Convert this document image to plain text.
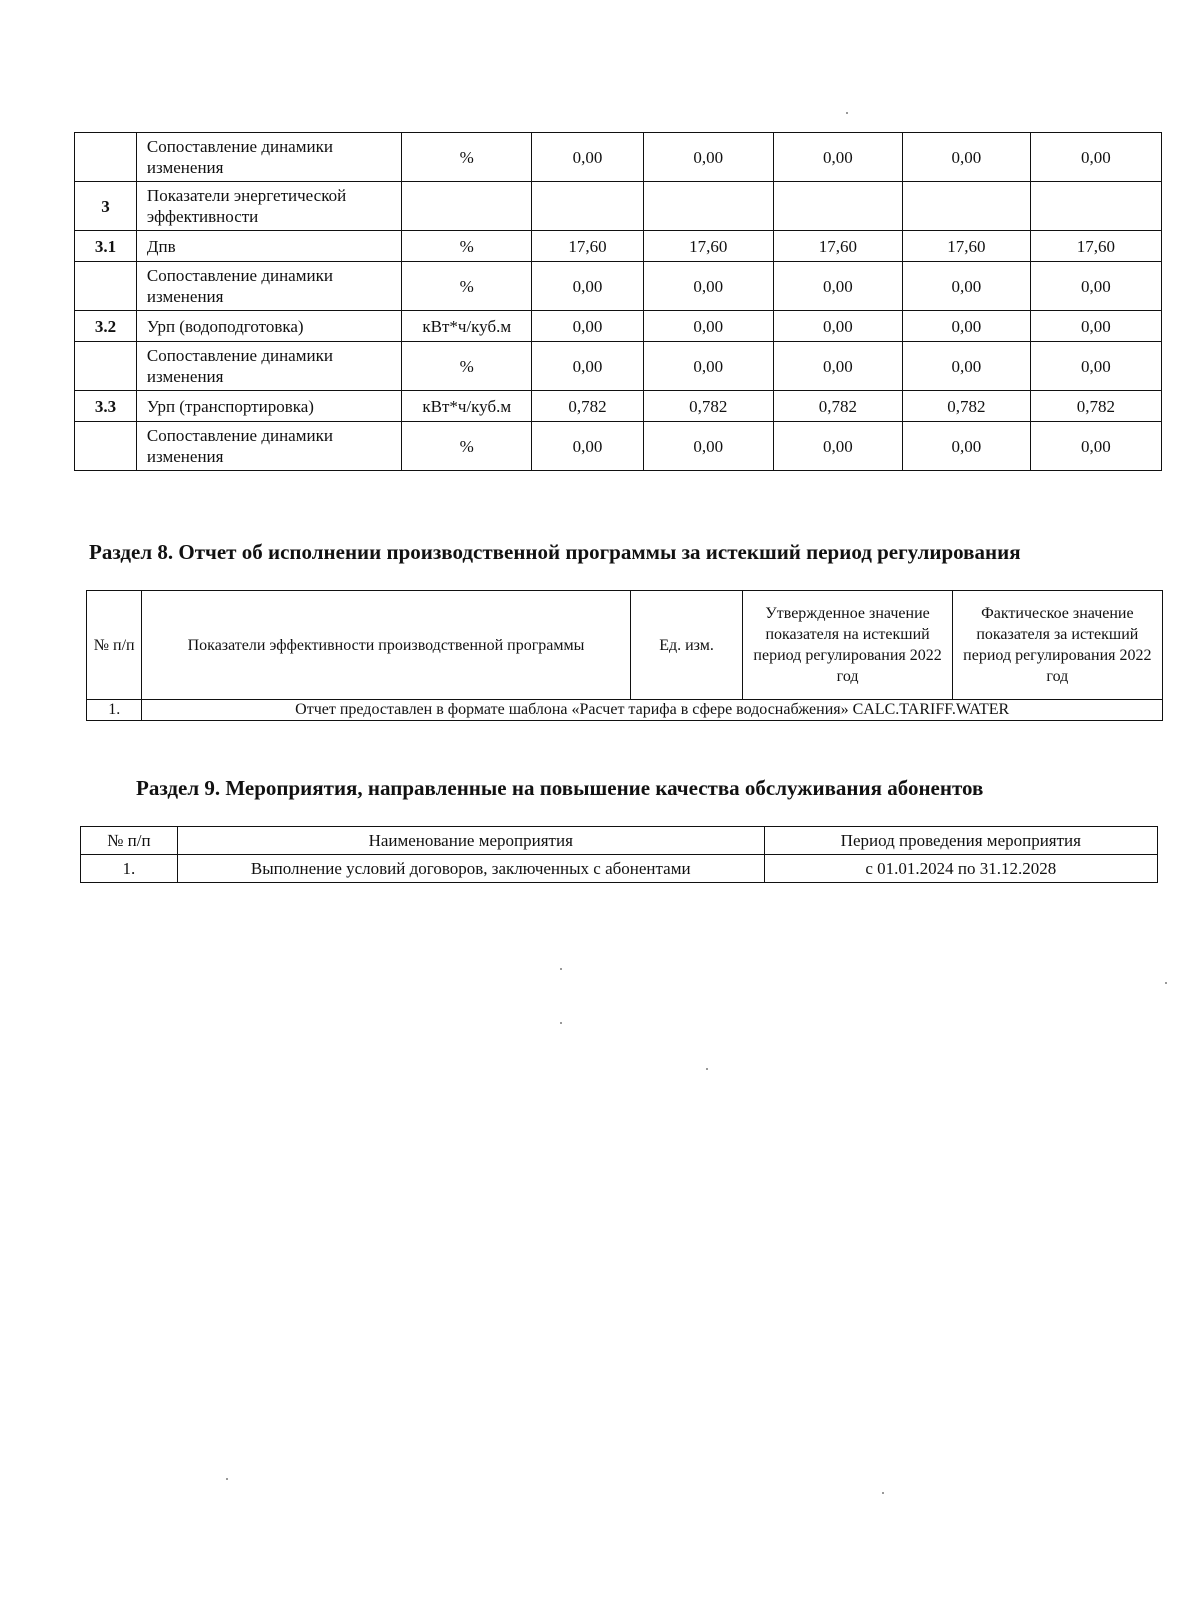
	Сопоставление динамики изменения	%	0,00	0,00	0,00	0,00	0,00
3	Показатели энергетической эффективности						
3.1	Дпв	%	17,60	17,60	17,60	17,60	17,60
	Сопоставление динамики изменения	%	0,00	0,00	0,00	0,00	0,00
3.2	Урп (водоподготовка)	кВт*ч/куб.м	0,00	0,00	0,00	0,00	0,00
	Сопоставление динамики изменения	%	0,00	0,00	0,00	0,00	0,00
3.3	Урп (транспортировка)	кВт*ч/куб.м	0,782	0,782	0,782	0,782	0,782
	Сопоставление динамики изменения	%	0,00	0,00	0,00	0,00	0,00
Раздел 8. Отчет об исполнении производственной программы за истекший период регулирования
№ п/п	Показатели эффективности производственной программы	Ед. изм.	Утвержденное значение показателя на истекший период регулирования 2022 год	Фактическое значение показателя за истекший период регулирования 2022 год
1.	Отчет предоставлен в формате шаблона «Расчет тарифа в сфере водоснабжения» CALC.TARIFF.WATER			
Раздел 9. Мероприятия, направленные на повышение качества обслуживания абонентов
№ п/п	Наименование мероприятия	Период проведения мероприятия
1.	Выполнение условий договоров, заключенных с абонентами	с 01.01.2024 по 31.12.2028
